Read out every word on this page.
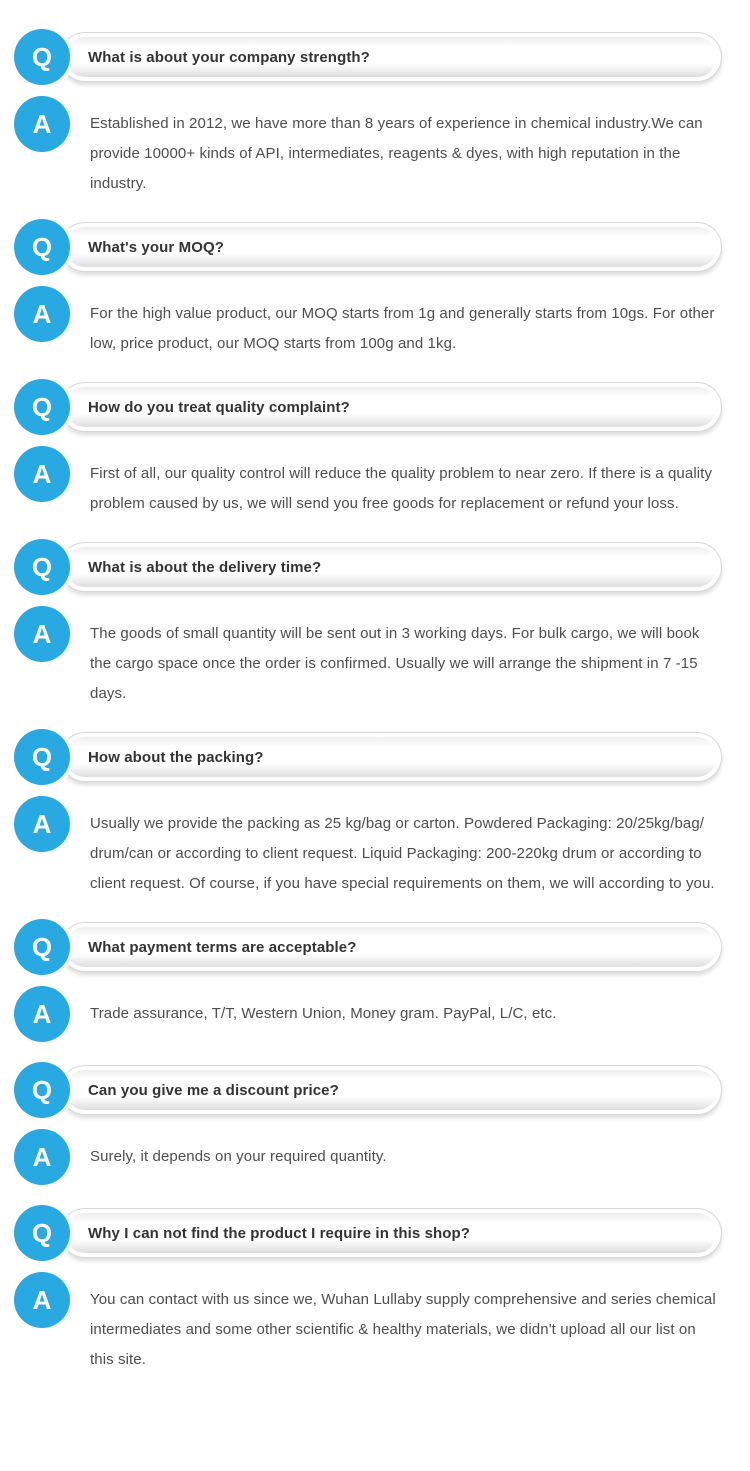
Q What is about your company strength?
A	Established in 2012, we have more than 8 years of experience in chemical industry.We can provide 10000+ kinds of API, intermediates, reagents & dyes, with high reputation in the industry.

Q What's your MOQ?
A	For the high value product, our MOQ starts from 1g and generally starts from 10gs. For other low, price product, our MOQ starts from 100g and 1kg.

Q How do you treat quality complaint?
A	First of all, our quality control will reduce the quality problem to near zero. If there is a quality problem caused by us, we will send you free goods for replacement or refund your loss.

Q What is about the delivery time?
A	The goods of small quantity will be sent out in 3 working days. For bulk cargo, we will book the cargo space once the order is confirmed. Usually we will arrange the shipment in 7 -15 days.

Q How about the packing?
A	Usually we provide the packing as 25 kg/bag or carton. Powdered Packaging: 20/25kg/bag/ drum/can or according to client request. Liquid Packaging: 200-220kg drum or according to client request. Of course, if you have special requirements on them, we will according to you.

Q What payment terms are acceptable?
A	Trade assurance, T/T, Western Union, Money gram. PayPal, L/C, etc.

Q Can you give me a discount price?
A	Surely, it depends on your required quantity.

Q Why I can not find the product I require in this shop?
A	You can contact with us since we, Wuhan Lullaby supply comprehensive and series chemical intermediates and some other scientific & healthy materials, we didn't upload all our list on this site.
